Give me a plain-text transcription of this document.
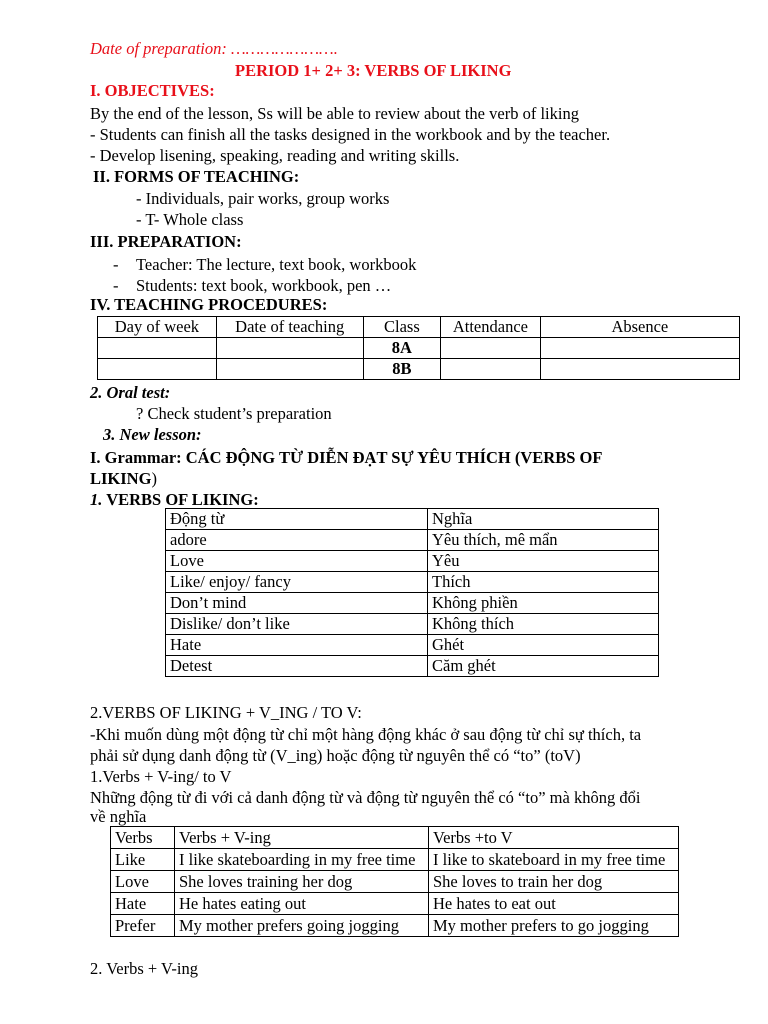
Date of preparation: ………………….
PERIOD 1+ 2+ 3: VERBS OF LIKING
I. OBJECTIVES:
By the end of the lesson, Ss will be able to review about the verb of liking
- Students can finish all the tasks designed in the workbook and by the teacher.
- Develop lisening, speaking, reading and writing skills.
II. FORMS OF TEACHING:
- Individuals, pair works, group works
- T- Whole class
III. PREPARATION:
- Teacher: The lecture, text book, workbook
- Students: text book, workbook, pen …
IV. TEACHING PROCEDURES:
Day of week	Date of teaching	Class	Attendance	Absence
		8A		
		8B		
2. Oral test:
? Check student’s preparation
3. New lesson:
I. Grammar: CÁC ĐỘNG TỪ DIỄN ĐẠT SỰ YÊU THÍCH (VERBS OF
LIKING)
1. VERBS OF LIKING:
Động từ	Nghĩa
adore	Yêu thích, mê mẩn
Love	Yêu
Like/ enjoy/ fancy	Thích
Don’t mind	Không phiền
Dislike/ don’t like	Không thích
Hate	Ghét
Detest	Căm ghét
2.VERBS OF LIKING + V_ING / TO V:
-Khi muốn dùng một động từ chỉ một hàng động khác ở sau động từ chỉ sự thích, ta
phải sử dụng danh động từ (V_ing) hoặc động từ nguyên thể có “to” (toV)
1.Verbs + V-ing/ to V
Những động từ đi với cả danh động từ và động từ nguyên thể có “to” mà không đổi
về nghĩa
Verbs	Verbs + V-ing	Verbs +to V
Like	I like skateboarding in my free time	I like to skateboard in my free time
Love	She loves training her dog	She loves to train her dog
Hate	He hates eating out	He hates to eat out
Prefer	My mother prefers going jogging	My mother prefers to go jogging
2. Verbs + V-ing
